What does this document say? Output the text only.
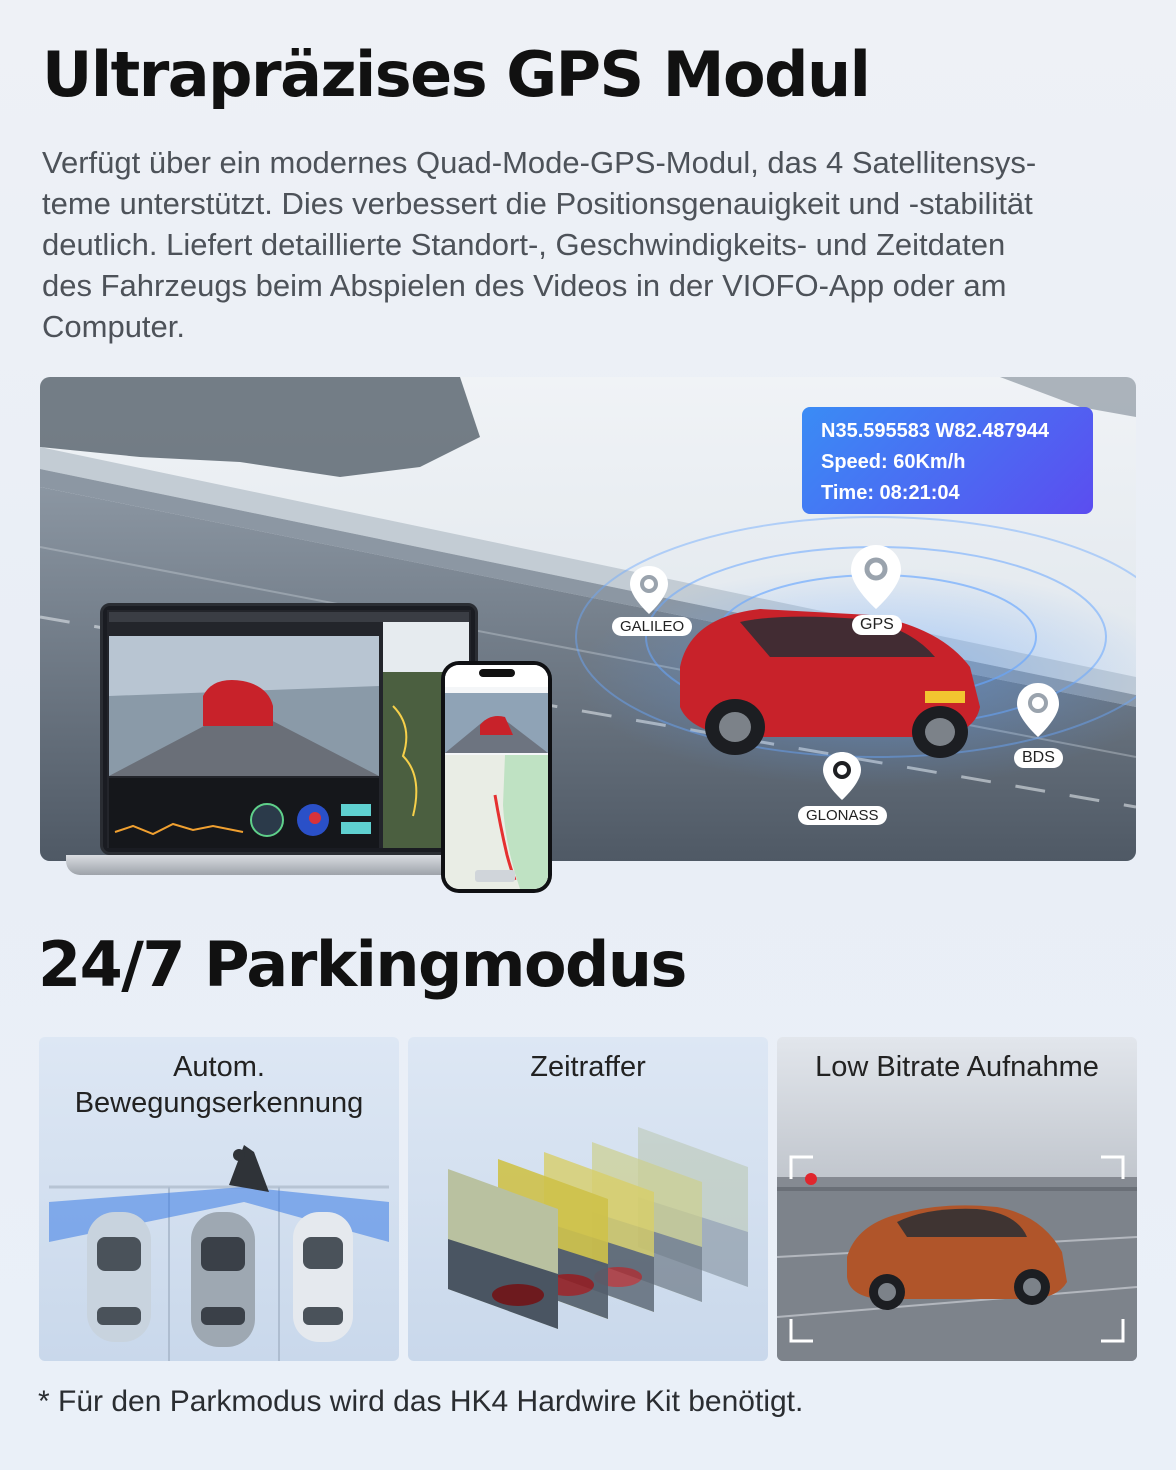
Ultrapräzises GPS Modul
Verfügt über ein modernes Quad-Mode-GPS-Modul, das 4 Satellitensys-
teme unterstützt. Dies verbessert die Positionsgenauigkeit und -stabilität
deutlich. Liefert detaillierte Standort-, Geschwindigkeits- und Zeitdaten
des Fahrzeugs beim Abspielen des Videos in der VIOFO-App oder am
Computer.
N35.595583 W82.487944
Speed: 60Km/h
Time: 08:21:04
GALILEO	GPS
BDS
GLONASS
24/7 Parkingmodus
Autom.
Bewegungserkennung
Zeitraffer	Low Bitrate Aufnahme
* Für den Parkmodus wird das HK4 Hardwire Kit benötigt.
